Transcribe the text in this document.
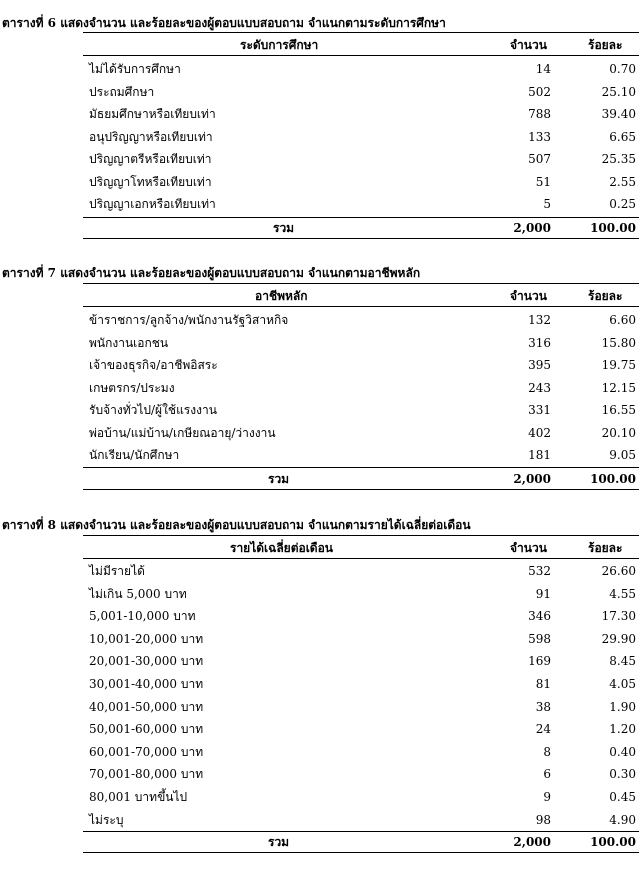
ตารางที่ 6 แสดงจำนวน และร้อยละของผู้ตอบแบบสอบถาม จำแนกตามระดับการศึกษา
ระดับการศึกษา	จำนวน	ร้อยละ
ไม่ได้รับการศึกษา	14	0.70
ประถมศึกษา	502	25.10
มัธยมศึกษาหรือเทียบเท่า	788	39.40
อนุปริญญาหรือเทียบเท่า	133	6.65
ปริญญาตรีหรือเทียบเท่า	507	25.35
ปริญญาโทหรือเทียบเท่า	51	2.55
ปริญญาเอกหรือเทียบเท่า	5	0.25
รวม	2,000	100.00
ตารางที่ 7 แสดงจำนวน และร้อยละของผู้ตอบแบบสอบถาม จำแนกตามอาชีพหลัก
อาชีพหลัก	จำนวน	ร้อยละ
ข้าราชการ/ลูกจ้าง/พนักงานรัฐวิสาหกิจ	132	6.60
พนักงานเอกชน	316	15.80
เจ้าของธุรกิจ/อาชีพอิสระ	395	19.75
เกษตรกร/ประมง	243	12.15
รับจ้างทั่วไป/ผู้ใช้แรงงาน	331	16.55
พ่อบ้าน/แม่บ้าน/เกษียณอายุ/ว่างงาน	402	20.10
นักเรียน/นักศึกษา	181	9.05
รวม	2,000	100.00
ตารางที่ 8 แสดงจำนวน และร้อยละของผู้ตอบแบบสอบถาม จำแนกตามรายได้เฉลี่ยต่อเดือน
รายได้เฉลี่ยต่อเดือน	จำนวน	ร้อยละ
ไม่มีรายได้	532	26.60
ไม่เกิน 5,000 บาท	91	4.55
5,001-10,000 บาท	346	17.30
10,001-20,000 บาท	598	29.90
20,001-30,000 บาท	169	8.45
30,001-40,000 บาท	81	4.05
40,001-50,000 บาท	38	1.90
50,001-60,000 บาท	24	1.20
60,001-70,000 บาท	8	0.40
70,001-80,000 บาท	6	0.30
80,001 บาทขึ้นไป	9	0.45
ไม่ระบุ	98	4.90
รวม	2,000	100.00
